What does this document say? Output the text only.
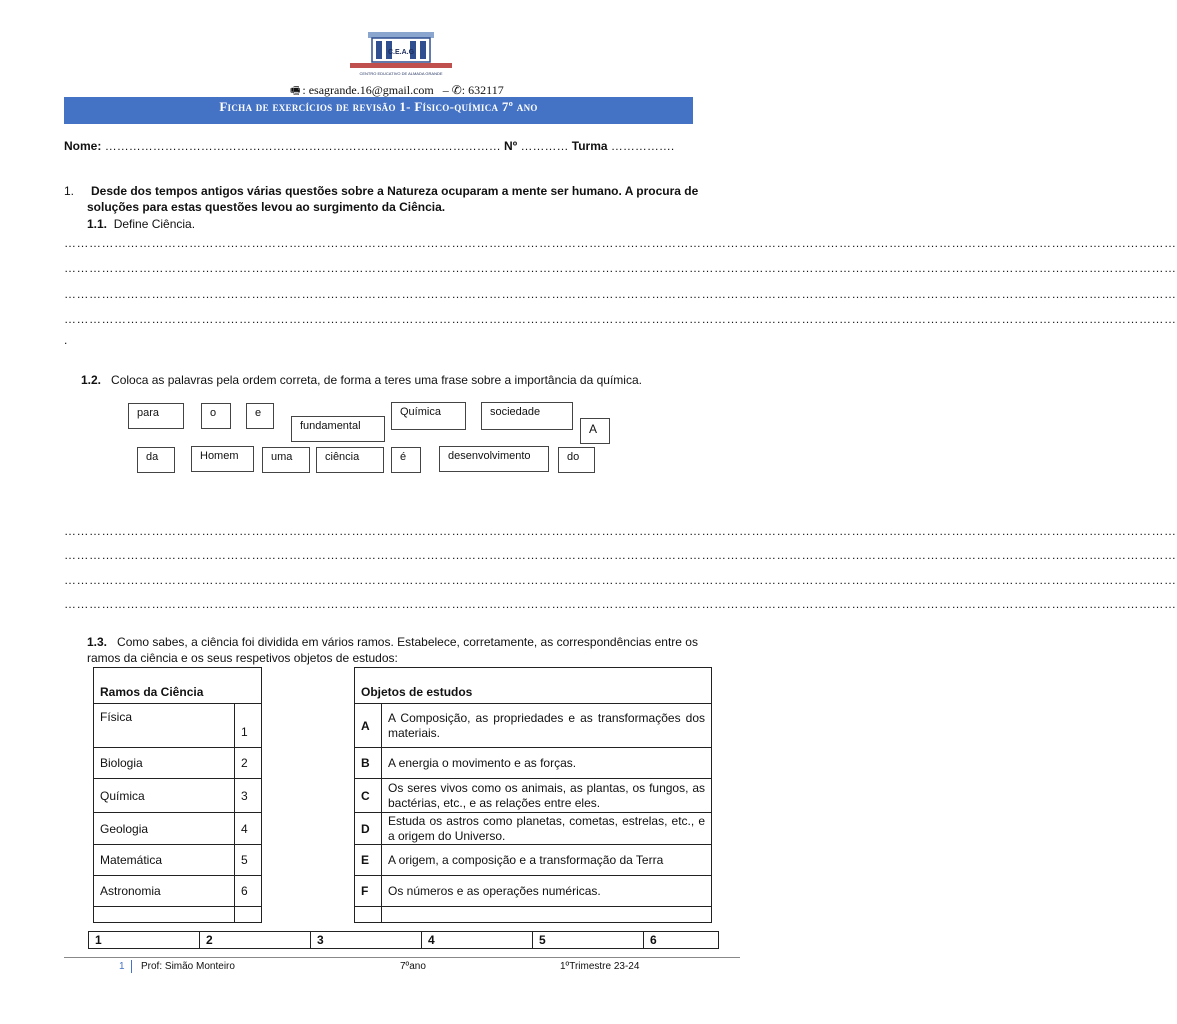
C.E.A.G
CENTRO EDUCATIVO DE ALMADA GRANDE
🖷 : esagrande.16@gmail.com – ✆: 632117
Ficha de exercícios de revisão 1- Físico-química 7º ano
Nome: ……………………………………………………………………………………… Nº ………… Turma …………….
1. Desde dos tempos antigos várias questões sobre a Natureza ocuparam a mente ser humano. A procura de
soluções para estas questões levou ao surgimento da Ciência.
1.1. Define Ciência.
……………………………………………………………………………………………………………………………………………………………………………………………………………………………………………
……………………………………………………………………………………………………………………………………………………………………………………………………………………………………………
……………………………………………………………………………………………………………………………………………………………………………………………………………………………………………
……………………………………………………………………………………………………………………………………………………………………………………………………………………………………………
.
1.2. Coloca as palavras pela ordem correta, de forma a teres uma frase sobre a importância da química.
para	o	e
fundamental
Química	sociedade
A
da	Homem	uma	ciência	é	desenvolvimento	do
……………………………………………………………………………………………………………………………………………………………………………………………………………………………………………
……………………………………………………………………………………………………………………………………………………………………………………………………………………………………………
……………………………………………………………………………………………………………………………………………………………………………………………………………………………………………
……………………………………………………………………………………………………………………………………………………………………………………………………………………………………………
1.3. Como sabes, a ciência foi dividida em vários ramos. Estabelece, corretamente, as correspondências entre os
ramos da ciência e os seus respetivos objetos de estudos:
Ramos da Ciência	
Física	1
Biologia	2
Química	3
Geologia	4
Matemática	5
Astronomia	6

Objetos de estudos	
A	A Composição, as propriedades e as transformações dos materiais.
B	A energia o movimento e as forças.
C	Os seres vivos como os animais, as plantas, os fungos, as bactérias, etc., e as relações entre eles.
D	Estuda os astros como planetas, cometas, estrelas, etc., e a origem do Universo.
E	A origem, a composição e a transformação da Terra
F	Os números e as operações numéricas.

1	2	3	4	5	6
1 Prof: Simão Monteiro	7ºano	1ºTrimestre 23-24
